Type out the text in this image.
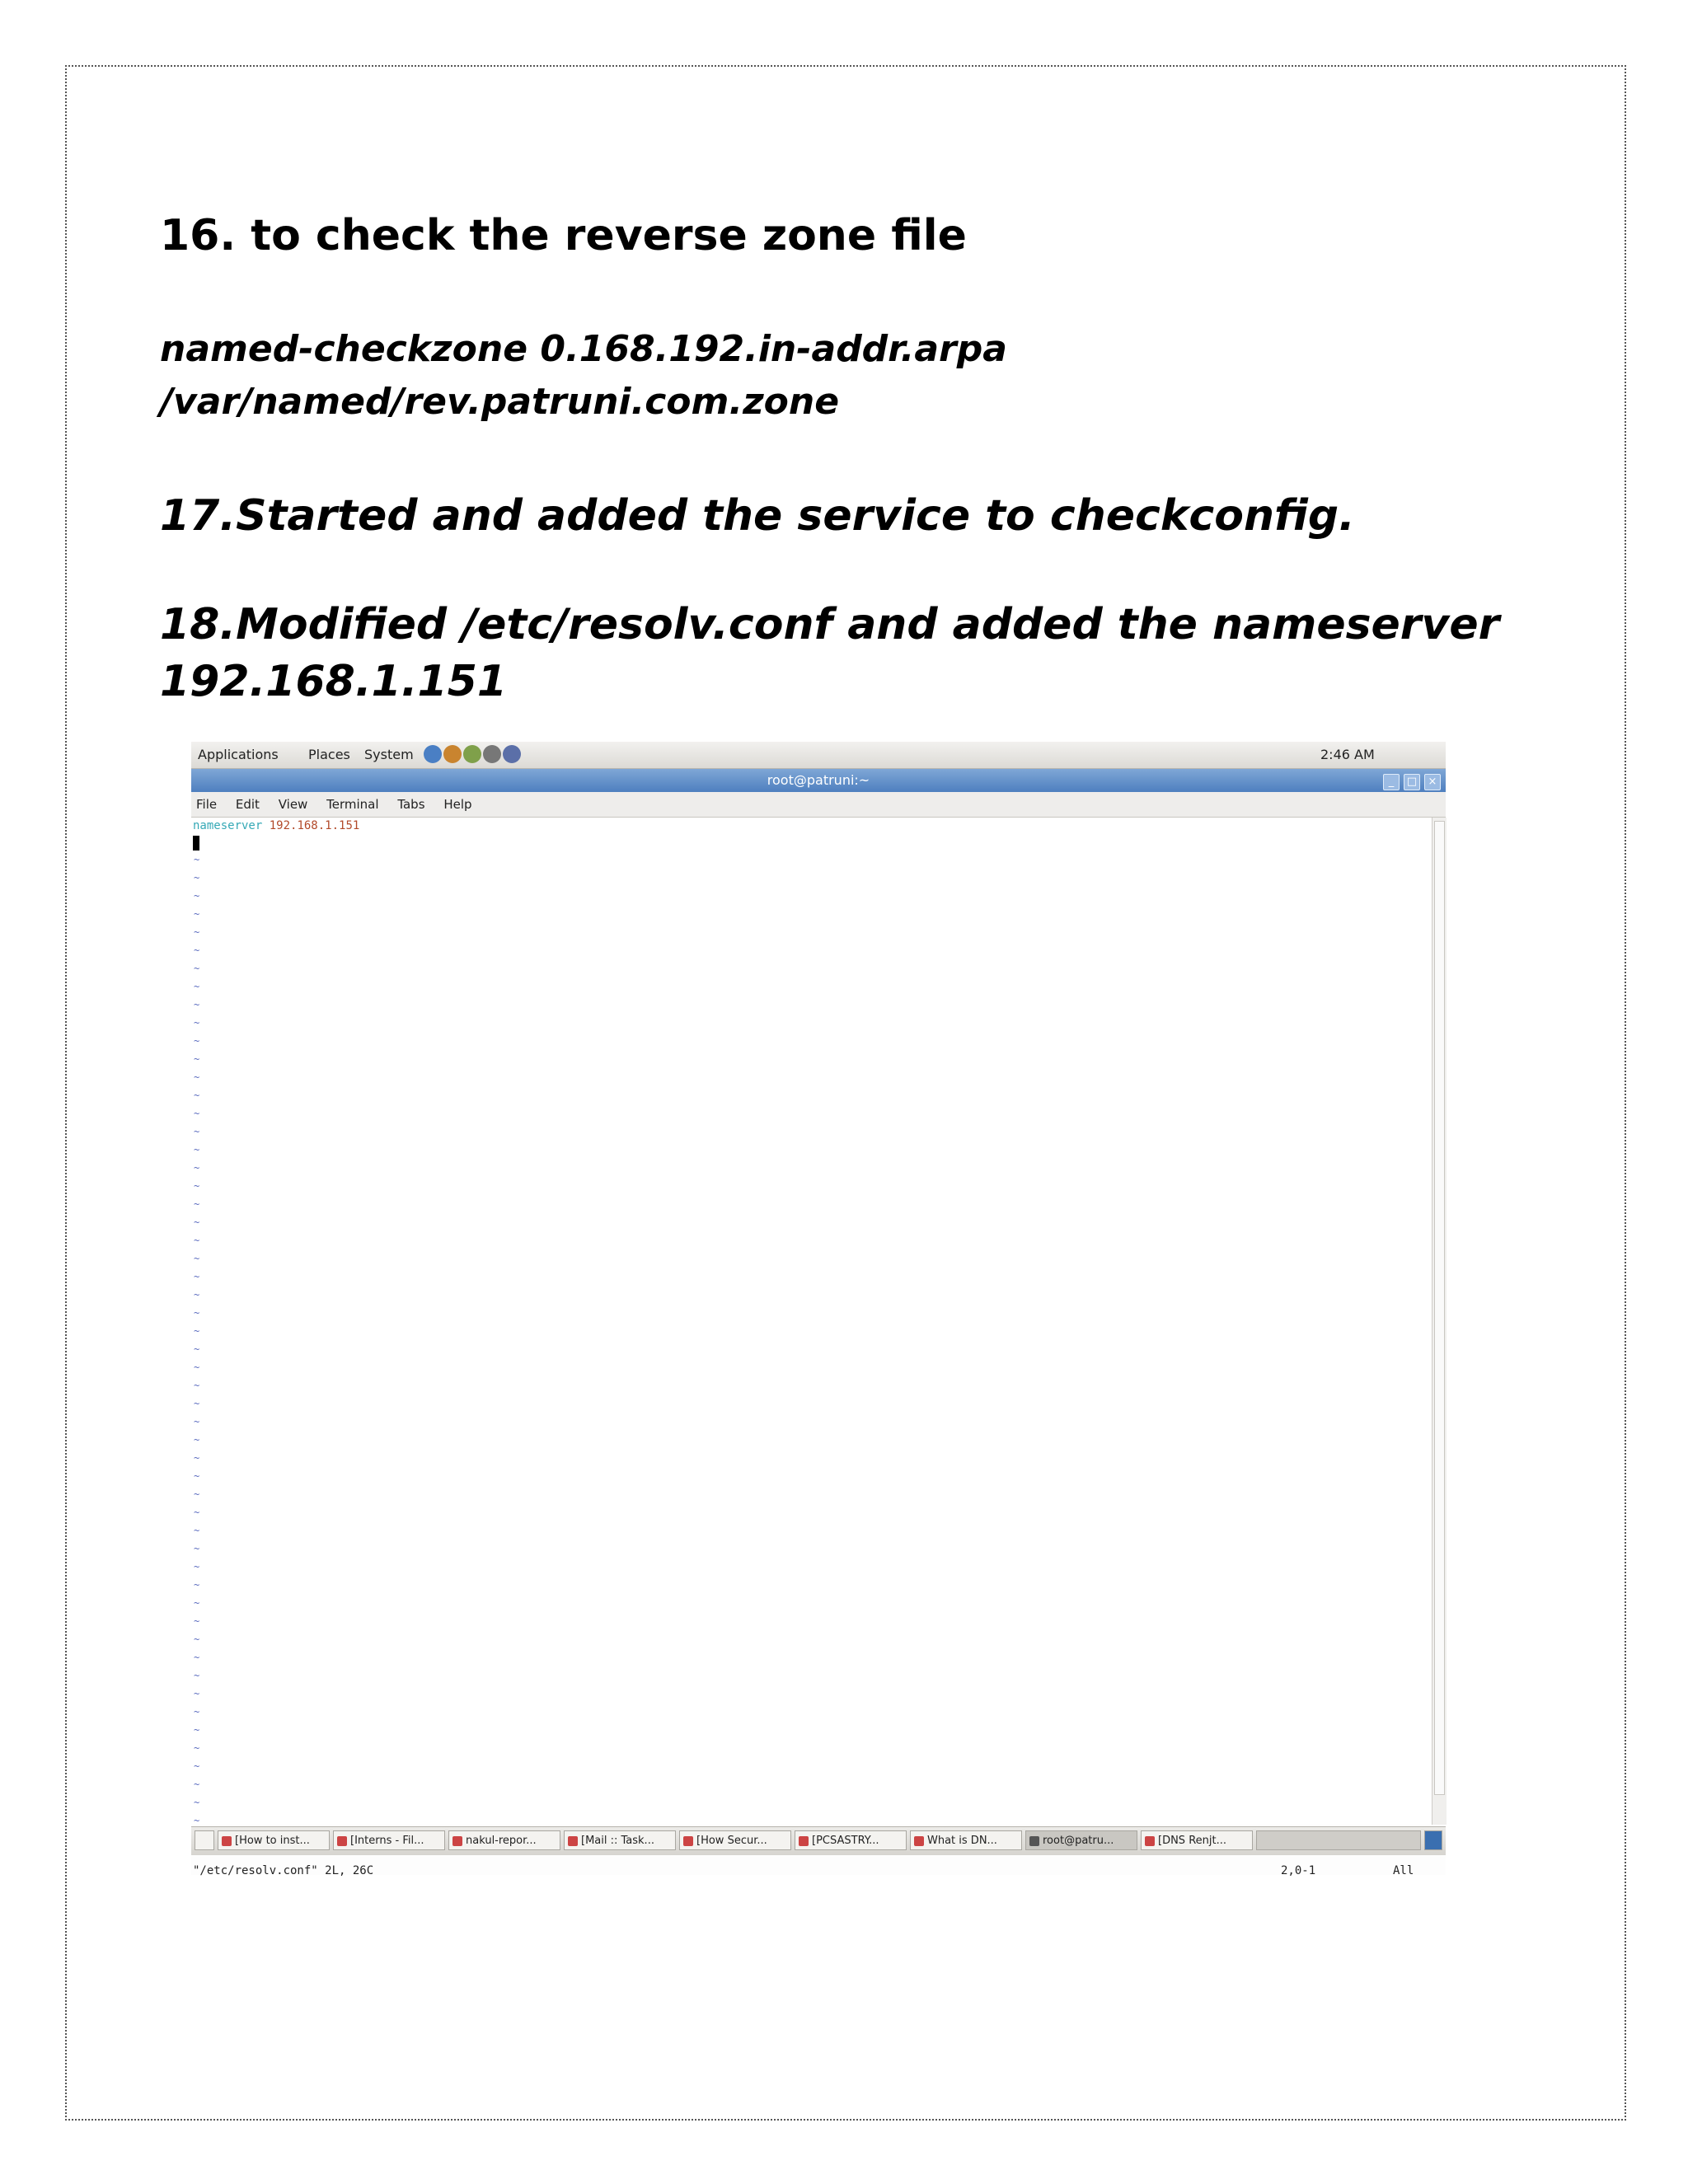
16. to check the reverse zone file

named-checkzone 0.168.192.in-addr.arpa

/var/named/rev.patruni.com.zone

17.Started and added the service to checkconfig.

18.Modified /etc/resolv.conf and added the nameserver

192.168.1.151

Applications Places System	2:46 AM
root@patruni:~	_ □ ×
File Edit View Terminal Tabs Help
nameserver 192.168.1.151
~
~
~
~
~
~
~
~
~
~
~
~
~
~
~
~
~
~
~
~
~
~
~
~
~
~
~
~
~
~
~
~
~
~
~
~
~
~
~
~
~
~
~
~
~
~
~
~
~
~
~
~
~
~
"/etc/resolv.conf" 2L, 26C	2,0-1	All
[How to inst...	[Interns - Fil...	nakul-repor...	[Mail :: Task...	[How Secur...	[PCSASTRY...	What is DN...	root@patru...	[DNS Renjt...
